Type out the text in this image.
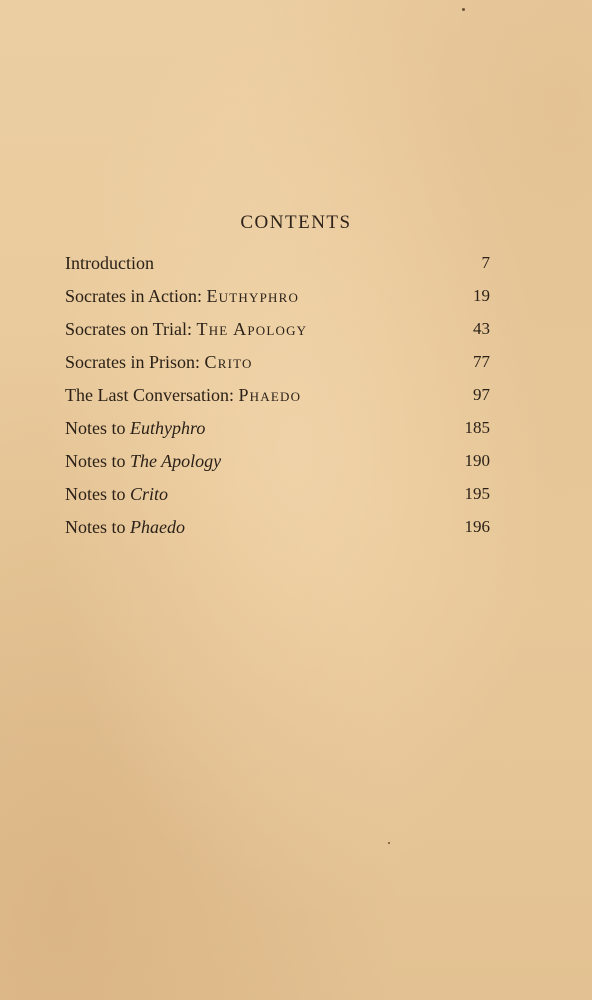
CONTENTS
Introduction	7
Socrates in Action: Euthyphro	19
Socrates on Trial: The Apology	43
Socrates in Prison: Crito	77
The Last Conversation: Phaedo	97
Notes to Euthyphro	185
Notes to The Apology	190
Notes to Crito	195
Notes to Phaedo	196
